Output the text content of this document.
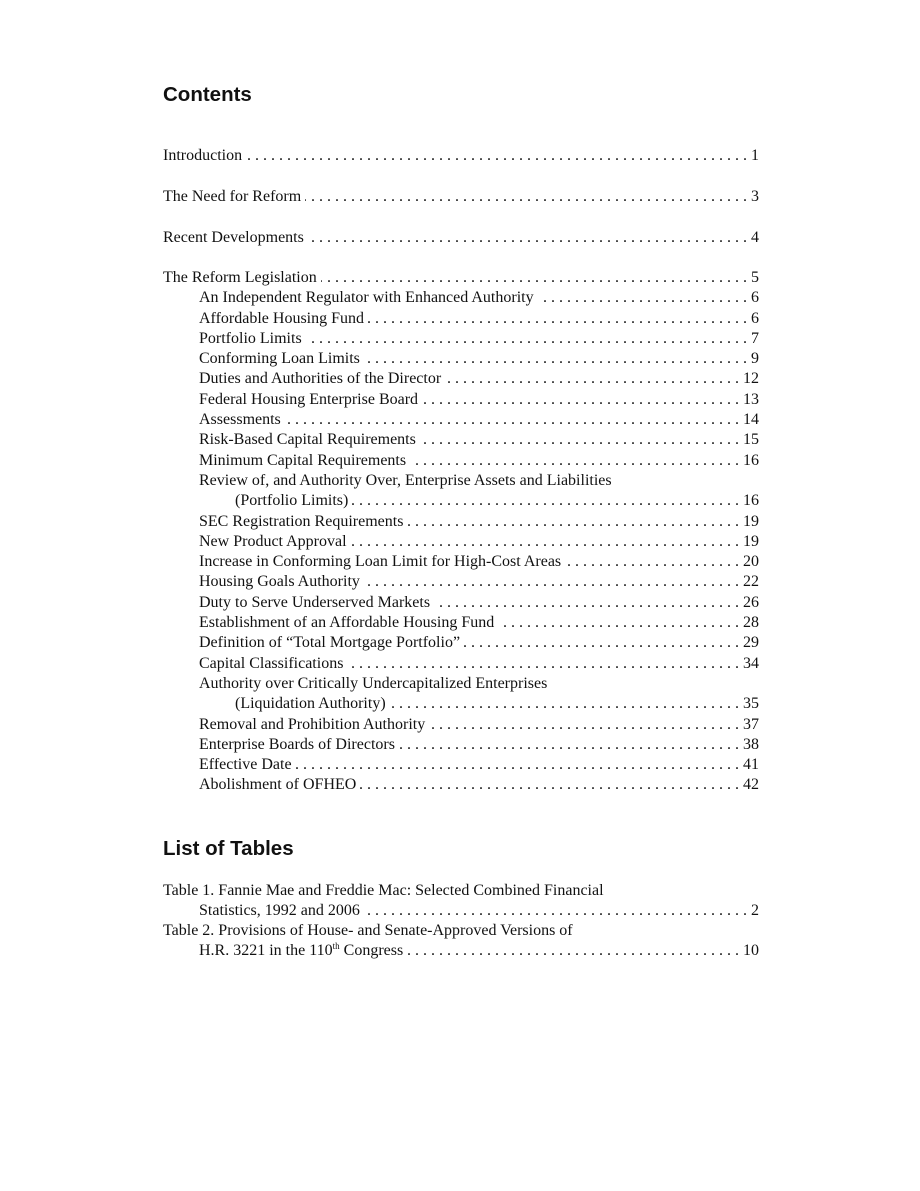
Contents
Introduction . . .	1
The Need for Reform . . .	3
Recent Developments . . .	4
The Reform Legislation . . .	5
An Independent Regulator with Enhanced Authority . . .	6
Affordable Housing Fund . . .	6
Portfolio Limits . . .	7
Conforming Loan Limits . . .	9
Duties and Authorities of the Director . . .	12
Federal Housing Enterprise Board . . .	13
Assessments . . .	14
Risk-Based Capital Requirements . . .	15
Minimum Capital Requirements . . .	16
Review of, and Authority Over, Enterprise Assets and Liabilities
(Portfolio Limits) . . .	16
SEC Registration Requirements . . .	19
New Product Approval . . .	19
Increase in Conforming Loan Limit for High-Cost Areas . . .	20
Housing Goals Authority . . .	22
Duty to Serve Underserved Markets . . .	26
Establishment of an Affordable Housing Fund . . .	28
Definition of “Total Mortgage Portfolio” . . .	29
Capital Classifications . . .	34
Authority over Critically Undercapitalized Enterprises
(Liquidation Authority) . . .	35
Removal and Prohibition Authority . . .	37
Enterprise Boards of Directors . . .	38
Effective Date . . .	41
Abolishment of OFHEO . . .	42
List of Tables
Table 1. Fannie Mae and Freddie Mac: Selected Combined Financial
Statistics, 1992 and 2006 . . .	2
Table 2. Provisions of House- and Senate-Approved Versions of
H.R. 3221 in the 110th Congress . . .	10
